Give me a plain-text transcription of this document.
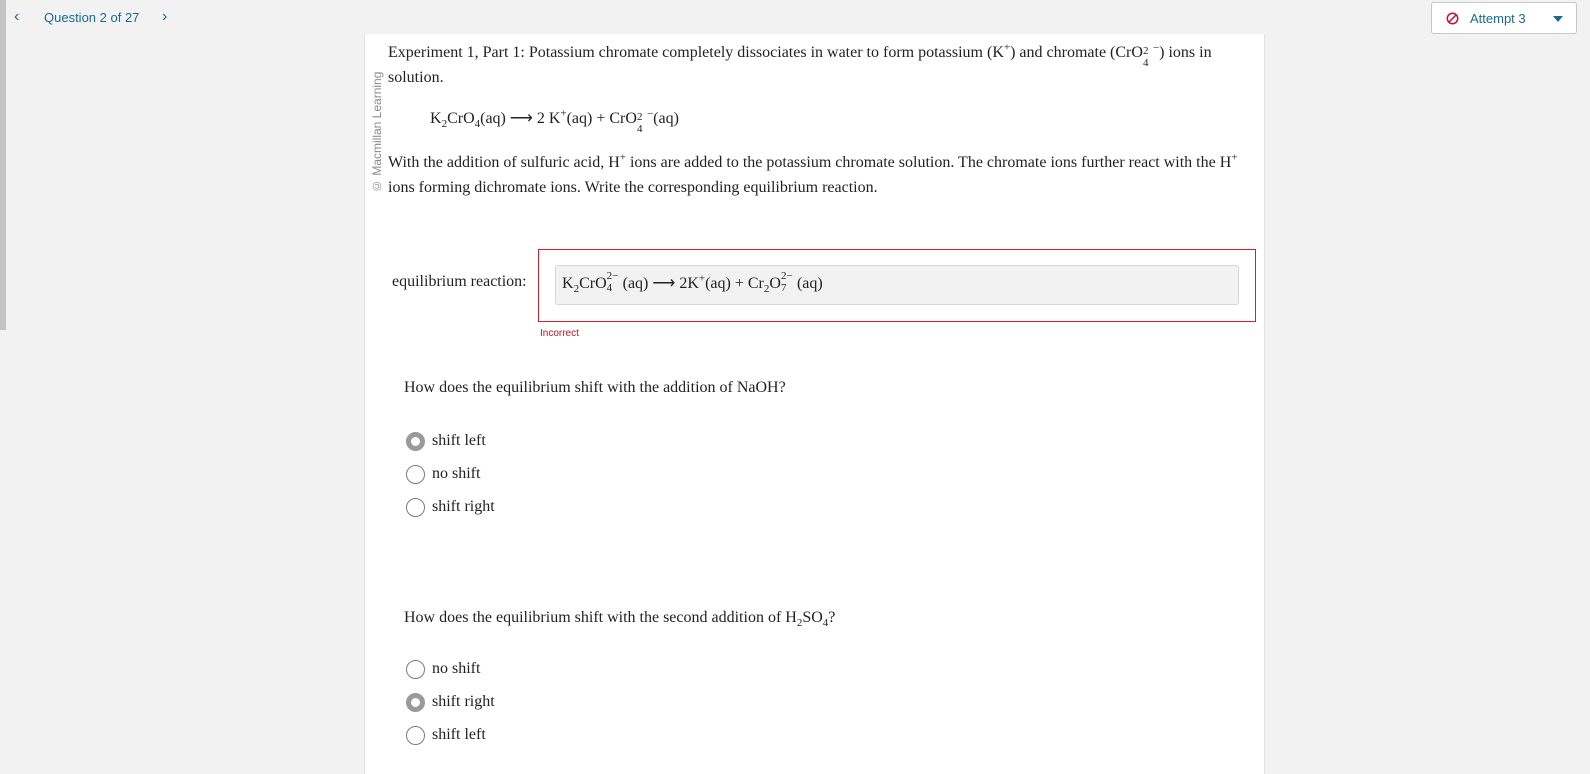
‹ Question 2 of 27 ›	Attempt 3
© Macmillan Learning
Experiment 1, Part 1: Potassium chromate completely dissociates in water to form potassium (K+) and chromate (CrO 2
4
−) ions in solution.
$K_2CrO_4(aq)$ ⟶ 2 K+(aq) + CrO 2
4
−(aq)
With the addition of sulfuric acid, H+ ions are added to the potassium chromate solution. The chromate ions further react with the H+ ions forming dichromate ions. Write the corresponding equilibrium reaction.
equilibrium reaction:	$K_2CrO$ 2−
4 (aq) ⟶ $2K^+(aq) + Cr_2O$ 2−
7 (aq)
Incorrect
How does the equilibrium shift with the addition of NaOH?
shift left
no shift
shift right
How does the equilibrium shift with the second addition of $H_2SO_4$?
no shift
shift right
shift left
